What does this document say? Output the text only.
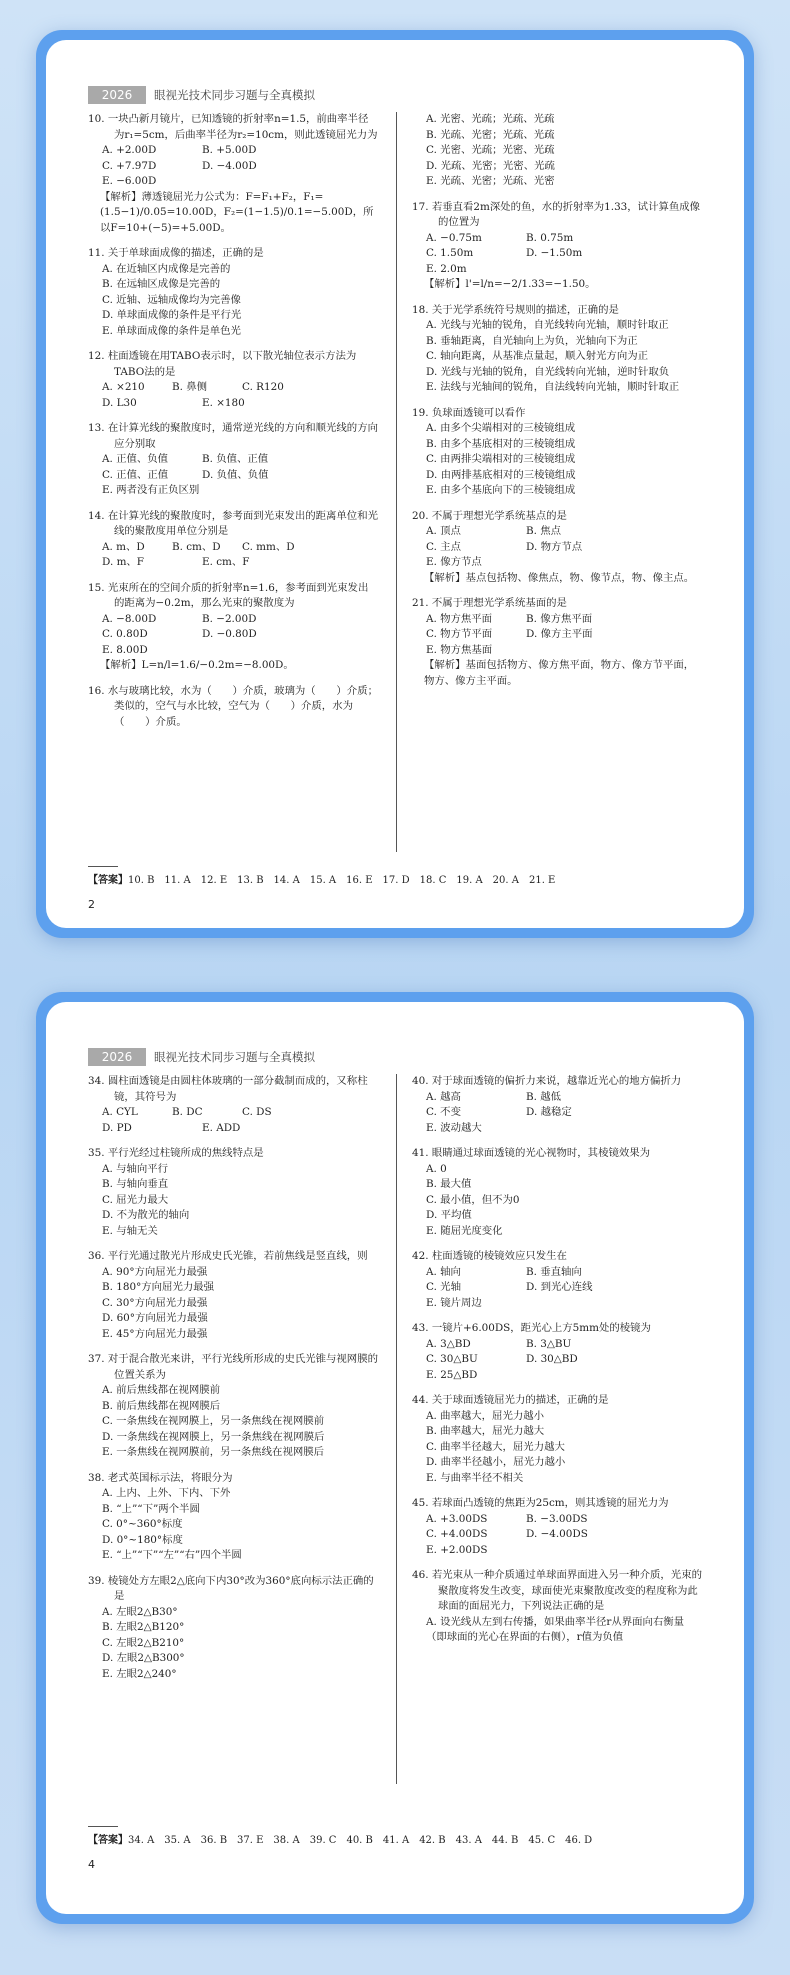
2026	眼视光技术同步习题与全真模拟
10. 一块凸新月镜片，已知透镜的折射率n=1.5，前曲率半径为r₁=5cm，后曲率半径为r₂=10cm，则此透镜屈光力为
A. +2.00D	B. +5.00D
C. +7.97D	D. −4.00D
E. −6.00D
【解析】薄透镜屈光力公式为：F=F₁+F₂，F₁=(1.5−1)/0.05=10.00D，F₂=(1−1.5)/0.1=−5.00D，所以F=10+(−5)=+5.00D。
11. 关于单球面成像的描述，正确的是
A. 在近轴区内成像是完善的
B. 在远轴区成像是完善的
C. 近轴、远轴成像均为完善像
D. 单球面成像的条件是平行光
E. 单球面成像的条件是单色光
12. 柱面透镜在用TABO表示时，以下散光轴位表示方法为TABO法的是
A. ×210	B. 鼻侧	C. R120
D. L30	E. ×180
13. 在计算光线的聚散度时，通常逆光线的方向和顺光线的方向应分别取
A. 正值、负值	B. 负值、正值
C. 正值、正值	D. 负值、负值
E. 两者没有正负区别
14. 在计算光线的聚散度时，参考面到光束发出的距离单位和光线的聚散度用单位分别是
A. m、D	B. cm、D	C. mm、D
D. m、F	E. cm、F
15. 光束所在的空间介质的折射率n=1.6，参考面到光束发出的距离为−0.2m，那么光束的聚散度为
A. −8.00D	B. −2.00D
C. 0.80D	D. −0.80D
E. 8.00D
【解析】L=n/l=1.6/−0.2m=−8.00D。
16. 水与玻璃比较，水为（　　）介质，玻璃为（　　）介质；类似的，空气与水比较，空气为（　　）介质，水为（　　）介质。
A. 光密、光疏；光疏、光疏
B. 光疏、光密；光疏、光疏
C. 光密、光疏；光密、光疏
D. 光疏、光密；光密、光疏
E. 光疏、光密；光疏、光密
17. 若垂直看2m深处的鱼，水的折射率为1.33，试计算鱼成像的位置为
A. −0.75m	B. 0.75m
C. 1.50m	D. −1.50m
E. 2.0m
【解析】l'=l/n=−2/1.33=−1.50。
18. 关于光学系统符号规则的描述，正确的是
A. 光线与光轴的锐角，自光线转向光轴，顺时针取正
B. 垂轴距离，自光轴向上为负，光轴向下为正
C. 轴向距离，从基准点量起，顺入射光方向为正
D. 光线与光轴的锐角，自光线转向光轴，逆时针取负
E. 法线与光轴间的锐角，自法线转向光轴，顺时针取正
19. 负球面透镜可以看作
A. 由多个尖端相对的三棱镜组成
B. 由多个基底相对的三棱镜组成
C. 由两排尖端相对的三棱镜组成
D. 由两排基底相对的三棱镜组成
E. 由多个基底向下的三棱镜组成
20. 不属于理想光学系统基点的是
A. 顶点	B. 焦点
C. 主点	D. 物方节点
E. 像方节点
【解析】基点包括物、像焦点，物、像节点，物、像主点。
21. 不属于理想光学系统基面的是
A. 物方焦平面	B. 像方焦平面
C. 物方节平面	D. 像方主平面
E. 物方焦基面
【解析】基面包括物方、像方焦平面，物方、像方节平面，物方、像方主平面。
【答案】10. B　11. A　12. E　13. B　14. A　15. A　16. E　17. D　18. C　19. A　20. A　21. E
2
2026	眼视光技术同步习题与全真模拟
34. 圆柱面透镜是由圆柱体玻璃的一部分截制而成的，又称柱镜，其符号为
A. CYL	B. DC	C. DS
D. PD	E. ADD
35. 平行光经过柱镜所成的焦线特点是
A. 与轴向平行
B. 与轴向垂直
C. 屈光力最大
D. 不为散光的轴向
E. 与轴无关
36. 平行光通过散光片形成史氏光锥，若前焦线是竖直线，则
A. 90°方向屈光力最强
B. 180°方向屈光力最强
C. 30°方向屈光力最强
D. 60°方向屈光力最强
E. 45°方向屈光力最强
37. 对于混合散光来讲，平行光线所形成的史氏光锥与视网膜的位置关系为
A. 前后焦线都在视网膜前
B. 前后焦线都在视网膜后
C. 一条焦线在视网膜上，另一条焦线在视网膜前
D. 一条焦线在视网膜上，另一条焦线在视网膜后
E. 一条焦线在视网膜前，另一条焦线在视网膜后
38. 老式英国标示法，将眼分为
A. 上内、上外、下内、下外
B. “上”“下”两个半圆
C. 0°~360°标度
D. 0°~180°标度
E. “上”“下”“左”“右”四个半圆
39. 棱镜处方左眼2△底向下内30°改为360°底向标示法正确的是
A. 左眼2△B30°
B. 左眼2△B120°
C. 左眼2△B210°
D. 左眼2△B300°
E. 左眼2△240°
40. 对于球面透镜的偏折力来说，越靠近光心的地方偏折力
A. 越高	B. 越低
C. 不变	D. 越稳定
E. 波动越大
41. 眼睛通过球面透镜的光心视物时，其棱镜效果为
A. 0
B. 最大值
C. 最小值，但不为0
D. 平均值
E. 随屈光度变化
42. 柱面透镜的棱镜效应只发生在
A. 轴向	B. 垂直轴向
C. 光轴	D. 到光心连线
E. 镜片周边
43. 一镜片+6.00DS，距光心上方5mm处的棱镜为
A. 3△BD	B. 3△BU
C. 30△BU	D. 30△BD
E. 25△BD
44. 关于球面透镜屈光力的描述，正确的是
A. 曲率越大，屈光力越小
B. 曲率越大，屈光力越大
C. 曲率半径越大，屈光力越大
D. 曲率半径越小，屈光力越小
E. 与曲率半径不相关
45. 若球面凸透镜的焦距为25cm，则其透镜的屈光力为
A. +3.00DS	B. −3.00DS
C. +4.00DS	D. −4.00DS
E. +2.00DS
46. 若光束从一种介质通过单球面界面进入另一种介质，光束的聚散度将发生改变，球面使光束聚散度改变的程度称为此球面的面屈光力，下列说法正确的是
A. 设光线从左到右传播，如果曲率半径r从界面向右衡量（即球面的光心在界面的右侧），r值为负值
【答案】34. A　35. A　36. B　37. E　38. A　39. C　40. B　41. A　42. B　43. A　44. B　45. C　46. D
4
